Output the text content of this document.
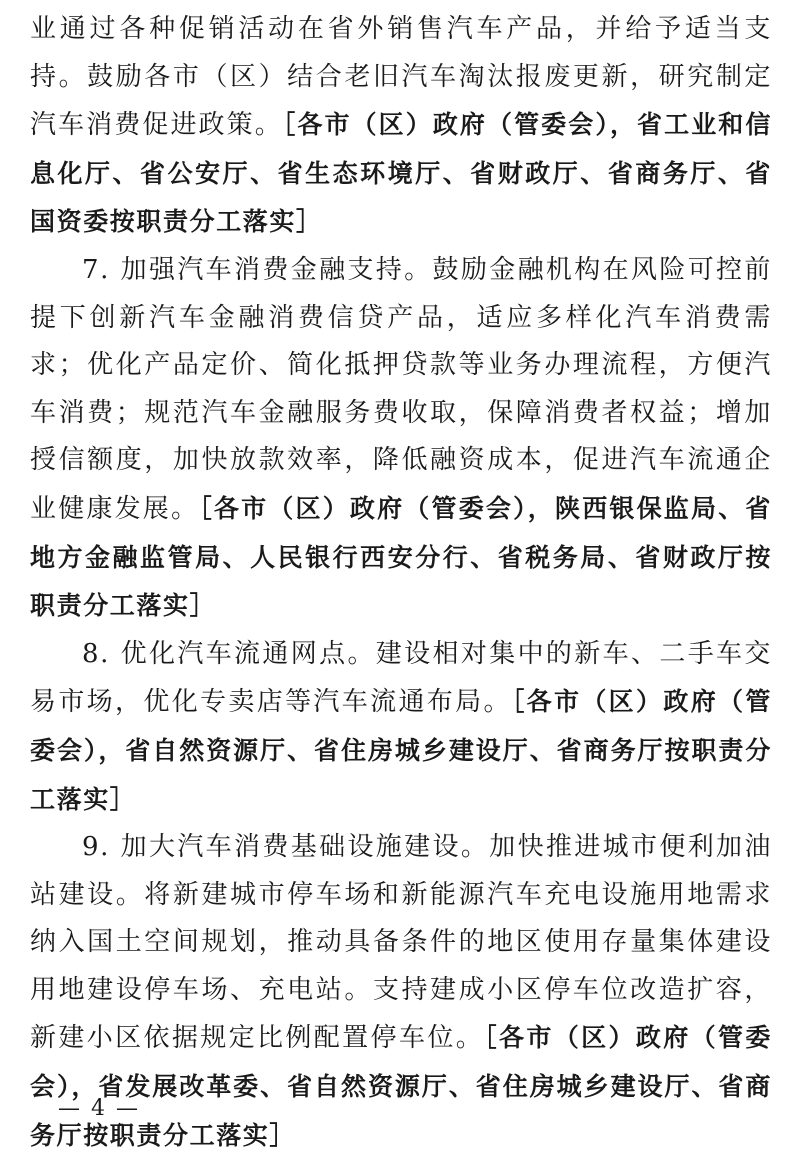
业通过各种促销活动在省外销售汽车产品，并给予适当支持。鼓励各市（区）结合老旧汽车淘汰报废更新，研究制定汽车消费促进政策。［各市（区）政府（管委会），省工业和信息化厅、省公安厅、省生态环境厅、省财政厅、省商务厅、省国资委按职责分工落实］

7. 加强汽车消费金融支持。鼓励金融机构在风险可控前提下创新汽车金融消费信贷产品，适应多样化汽车消费需求；优化产品定价、简化抵押贷款等业务办理流程，方便汽车消费；规范汽车金融服务费收取，保障消费者权益；增加授信额度，加快放款效率，降低融资成本，促进汽车流通企业健康发展。［各市（区）政府（管委会），陕西银保监局、省地方金融监管局、人民银行西安分行、省税务局、省财政厅按职责分工落实］

8. 优化汽车流通网点。建设相对集中的新车、二手车交易市场，优化专卖店等汽车流通布局。［各市（区）政府（管委会），省自然资源厅、省住房城乡建设厅、省商务厅按职责分工落实］

9. 加大汽车消费基础设施建设。加快推进城市便利加油站建设。将新建城市停车场和新能源汽车充电设施用地需求纳入国土空间规划，推动具备条件的地区使用存量集体建设用地建设停车场、充电站。支持建成小区停车位改造扩容，新建小区依据规定比例配置停车位。［各市（区）政府（管委会），省发展改革委、省自然资源厅、省住房城乡建设厅、省商务厅按职责分工落实］

— 4 —
